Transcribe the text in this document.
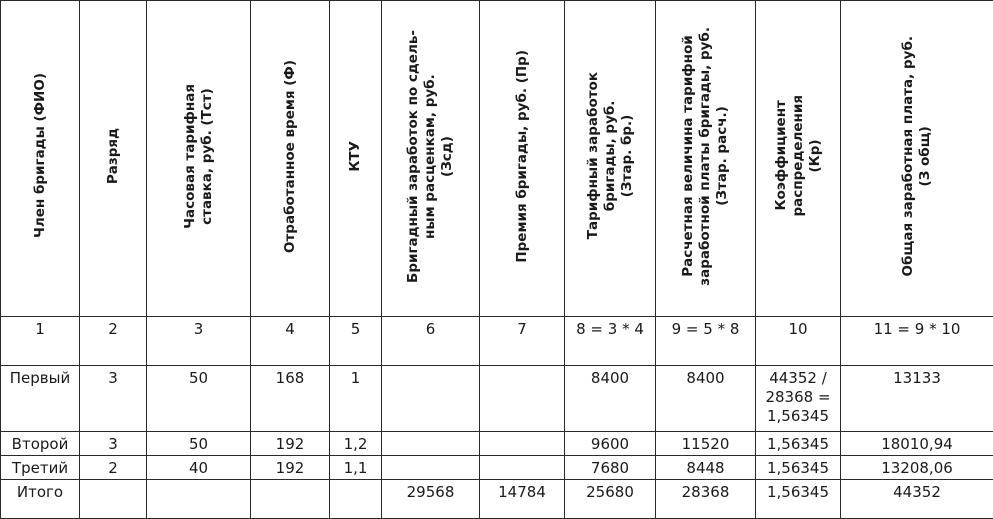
Член бригады (ФИО)	Разряд	Часовая тарифная
ставка, руб. (Тст)	Отработанное время (Ф)	КТУ	Бригадный заработок по сдель-
ным расценкам, руб.
(Зсд)	Премия бригады, руб. (Пр)	Тарифный заработок
бригады, руб.
(Зтар. бр.)	Расчетная величина тарифной
заработной платы бригады, руб.
(Зтар. расч.)	Коэффициент
распределения
(Кр)	Общая заработная плата, руб.
(З общ)
1	2	3	4	5	6	7	8 = 3 * 4	9 = 5 * 8	10	11 = 9 * 10
Первый	3	50	168	1			8400	8400	44352 /
28368 =
1,56345	13133
Второй	3	50	192	1,2			9600	11520	1,56345	18010,94
Третий	2	40	192	1,1			7680	8448	1,56345	13208,06
Итого					29568	14784	25680	28368	1,56345	44352
